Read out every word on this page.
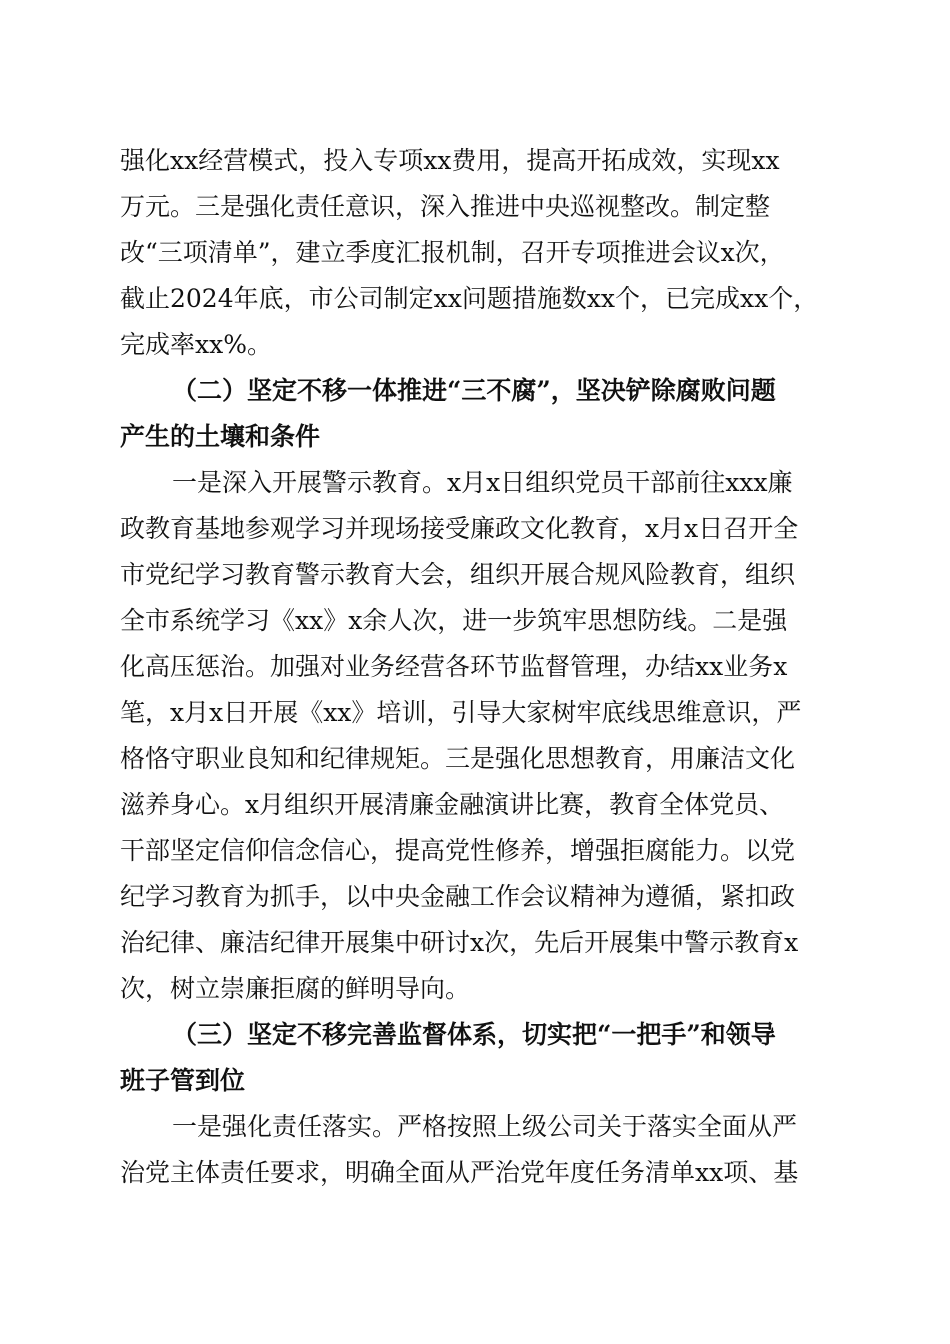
强化xx经营模式，投入专项xx费用，提高开拓成效，实现xx
万元。三是强化责任意识，深入推进中央巡视整改。制定整
改“三项清单”，建立季度汇报机制，召开专项推进会议x次，
截止2024年底，市公司制定xx问题措施数xx个，已完成xx个，
完成率xx%。
（二）坚定不移一体推进“三不腐”，坚决铲除腐败问题
产生的土壤和条件
一是深入开展警示教育。x月x日组织党员干部前往xxx廉
政教育基地参观学习并现场接受廉政文化教育，x月x日召开全
市党纪学习教育警示教育大会，组织开展合规风险教育，组织
全市系统学习《xx》x余人次，进一步筑牢思想防线。二是强
化高压惩治。加强对业务经营各环节监督管理，办结xx业务x
笔，x月x日开展《xx》培训，引导大家树牢底线思维意识，严
格恪守职业良知和纪律规矩。三是强化思想教育，用廉洁文化
滋养身心。x月组织开展清廉金融演讲比赛，教育全体党员、
干部坚定信仰信念信心，提高党性修养，增强拒腐能力。以党
纪学习教育为抓手，以中央金融工作会议精神为遵循，紧扣政
治纪律、廉洁纪律开展集中研讨x次，先后开展集中警示教育x
次，树立崇廉拒腐的鲜明导向。
（三）坚定不移完善监督体系，切实把“一把手”和领导
班子管到位
一是强化责任落实。严格按照上级公司关于落实全面从严
治党主体责任要求，明确全面从严治党年度任务清单xx项、基
